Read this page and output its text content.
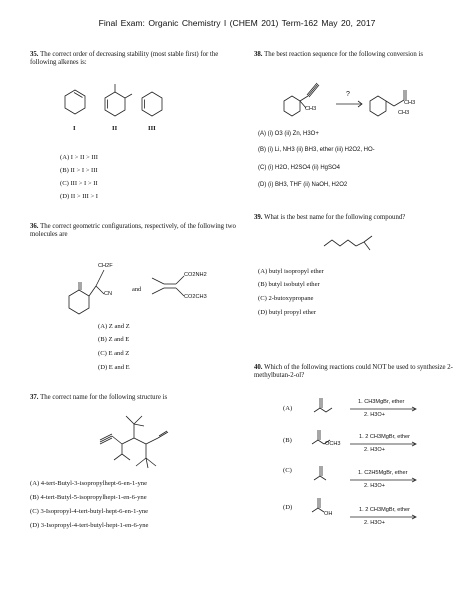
Final Exam: Organic Chemistry I (CHEM 201) Term-162 May 20, 2017
35. The correct order of decreasing stability (most stable first) for the following alkenes is:
I	II	III
(A) I > II > III
(B) II > I > III
(C) III > I > II
(D) II > III > I
36. The correct geometric configurations, respectively, of the following two molecules are
CH2F
CN
and
CO2NH2
CO2CH3
(A) Z and Z
(B) Z and E
(C) E and Z
(D) E and E
37. The correct name for the following structure is
(A) 4-tert-Butyl-3-isopropylhept-6-en-1-yne
(B) 4-tert-Butyl-5-isopropylhept-1-en-6-yne
(C) 3-Isopropyl-4-tert-butyl-hept-6-en-1-yne
(D) 3-Isopropyl-4-tert-butyl-hept-1-en-6-yne
38. The best reaction sequence for the following conversion is
?
CH3
CH3
CH3
(A) (i) O3 (ii) Zn, H3O+
(B) (i) Li, NH3 (ii) BH3, ether (iii) H2O2, HO-
(C) (i) H2O, H2SO4 (ii) HgSO4
(D) (i) BH3, THF (ii) NaOH, H2O2
39. What is the best name for the following compound?
(A) butyl isopropyl ether
(B) butyl isobutyl ether
(C) 2-butoxypropane
(D) butyl propyl ether
40. Which of the following reactions could NOT be used to synthesize 2-methylbutan-2-ol?
(A)
1. CH3MgBr, ether
2. H3O+
(B)	OCH3
1. 2 CH3MgBr, ether
2. H3O+
(C)	1. C2H5MgBr, ether
2. H3O+
(D)
OH
1. 2 CH3MgBr, ether
2. H3O+
